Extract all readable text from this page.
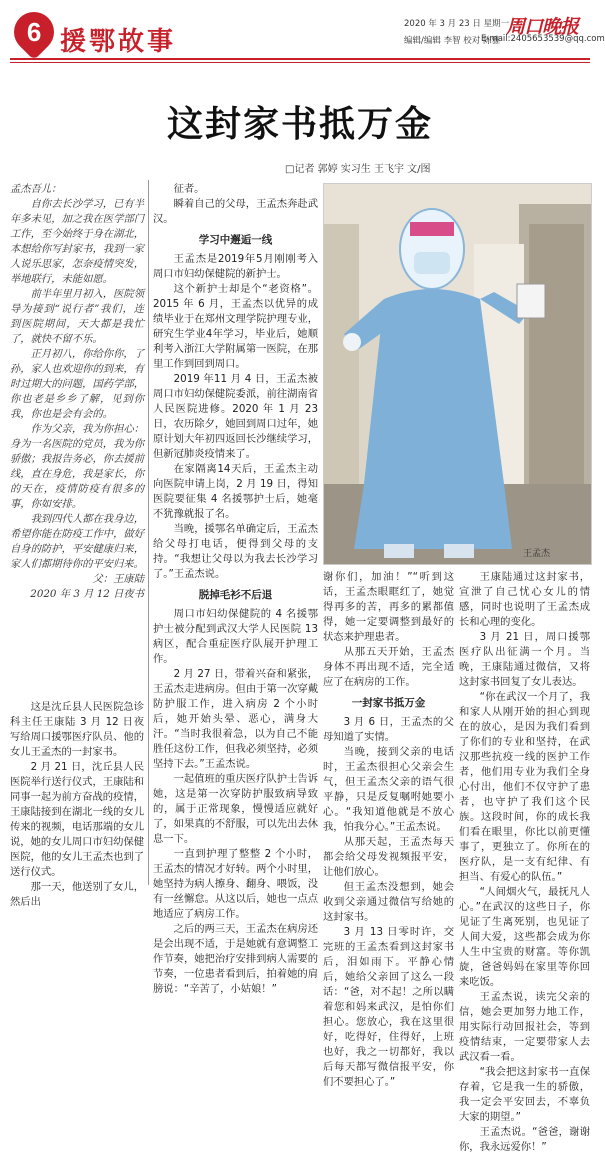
6 援鄂故事
2020 年 3 月 23 日 星期一 ～
编辑/编辑 李智 校对 陈雅
周口晚报
E-mail:2405653539@qq.com
这封家书抵万金
□记者 郭婷 实习生 王飞宇 文/图

孟杰吾儿：

自你去长沙学习，已有半年多未见，加之我在医学部门工作，至今始终于身在湖北，本想给你写封家书，我到一家人说乐思家，怎奈疫情突发，举地联行，未能如愿。

前半年里月初入，医院领导为接到“说行者”我们，连到医院期间，天大都是我忙了，就快不留不乐。

正月初八，你给你你，了孙，家人也欢迎你的到来，有时过期大的问题，国药学部，你也老是乡乡了解，见到你我，你也是会有会的。

作为父亲，我为你担心：身为一名医院的党员，我为你骄傲；我报告务必，你去援前线，直在身危，我是家长，你的天在，疫情防疫有很多的事，你如安排。

我到四代人都在我身边，希望你能在防疫工作中，做好自身的防护，平安健康归来，家人们都期待你的平安归来。

父：王康陆

2020 年 3 月 12 日夜书

这是沈丘县人民医院急诊科主任王康陆 3 月 12 日夜写给周口援鄂医疗队员、他的女儿王孟杰的一封家书。

2 月 21 日，沈丘县人民医院举行送行仪式，王康陆和同事一起为前方奋战的疫情，王康陆接到在湖北一线的女儿传来的视频，电话那端的女儿说，她的女儿周口市妇幼保健医院，他的女儿王孟杰也到了送行仪式。

那一天，他送别了女儿，然后出

征者。

瞬着自己的父母，王孟杰奔赴武汉。

学习中邂逅一线

王孟杰是2019年5月刚刚考入周口市妇幼保健院的新护士。

这个新护士却是个“老资格”。2015 年 6 月，王孟杰以优异的成绩毕业于在郑州文理学院护理专业，研究生学业4年学习，毕业后，她顺利考入浙江大学附属第一医院，在那里工作到回到周口。

2019 年11 月 4 日，王孟杰被周口市妇幼保健院委派，前往湖南省人民医院进修。2020 年 1 月 23 日，农历除夕，她回到周口过年，她原计划大年初四返回长沙继续学习，但新冠肺炎疫情来了。

在家隔离14天后，王孟杰主动向医院申请上岗，2 月 19 日，得知医院要征集 4 名援鄂护士后，她毫不犹豫就报了名。

当晚，援鄂名单确定后，王孟杰给父母打电话，便得到父母的支持。“我想让父母以为我去长沙学习了。”王孟杰说。

脱掉毛衫不后退

周口市妇幼保健院的 4 名援鄂护士被分配到武汉大学人民医院 13 病区，配合重症医疗队展开护理工作。

2 月 27 日，带着兴奋和紧张，王孟杰走进病房。但由于第一次穿戴防护服工作，进入病房 2 个小时后，她开始头晕、恶心，满身大汗。“当时我很着急，以为自己不能胜任这份工作，但我必须坚持，必须坚持下去。”王孟杰说。

一起值班的重庆医疗队护士告诉她，这是第一次穿防护服致病导致的，属于正常现象，慢慢适应就好了，如果真的不舒服，可以先出去休息一下。

一直到护理了整整 2 个小时，王孟杰的情况才好转。两个小时里，她坚持为病人擦身、翻身、喂饭，没有一丝懈怠。从这以后，她也一点点地适应了病房工作。

之后的两三天，王孟杰在病房还是会出现不适，于是她就有意调整工作节奏，她把治疗安排到病人需要的节奏，一位患者看到后，拍着她的肩膀说：“辛苦了，小姑娘！”

王孟杰

谢你们，加油！”“听到这话，王孟杰眼眶红了，她觉得再多的苦，再多的累都值得，她一定要调整到最好的状态来护理患者。

从那五天开始，王孟杰身体不再出现不适，完全适应了在病房的工作。

一封家书抵万金

3 月 6 日，王孟杰的父母知道了实情。

当晚，接到父亲的电话时，王孟杰很担心父亲会生气，但王孟杰父亲的语气很平静，只是反复嘱咐她要小心。“我知道他就是不放心我，怕我分心。”王孟杰说。

从那天起，王孟杰每天都会给父母发视频报平安，让他们放心。

但王孟杰没想到，她会收到父亲通过微信写给她的这封家书。

3 月 13 日零时许，交完班的王孟杰看到这封家书后，泪如雨下。平静心情后，她给父亲回了这么一段话：“爸，对不起！之所以瞒着您和妈来武汉，是怕你们担心。您放心，我在这里很好，吃得好，住得好，上班也好，我之一切都好，我以后每天都写微信报平安，你们不要担心了。”

王康陆通过这封家书，宣泄了自己忧心女儿的情感，同时也说明了王孟杰成长和心理的变化。

3 月 21 日，周口援鄂医疗队出征满一个月。当晚，王康陆通过微信，又将这封家书回复了女儿表达。

“你在武汉一个月了，我和家人从刚开始的担心到现在的放心，是因为我们看到了你们的专业和坚持，在武汉那些抗疫一线的医护工作者，他们用专业为我们全身心付出，他们不仅守护了患者，也守护了我们这个民族。这段时间，你的成长我们看在眼里，你比以前更懂事了，更独立了。你所在的医疗队，是一支有纪律、有担当、有爱心的队伍。”

“人间烟火气，最抚凡人心。”在武汉的这些日子，你见证了生离死别，也见证了人间大爱，这些都会成为你人生中宝贵的财富。等你凯旋，爸爸妈妈在家里等你回来吃饭。

王孟杰说，读完父亲的信，她会更加努力地工作，用实际行动回报社会，等到疫情结束，一定要带家人去武汉看一看。

“我会把这封家书一直保存着，它是我一生的骄傲，我一定会平安回去，不辜负大家的期望。”

王孟杰说。“爸爸，谢谢你，我永远爱你！”
